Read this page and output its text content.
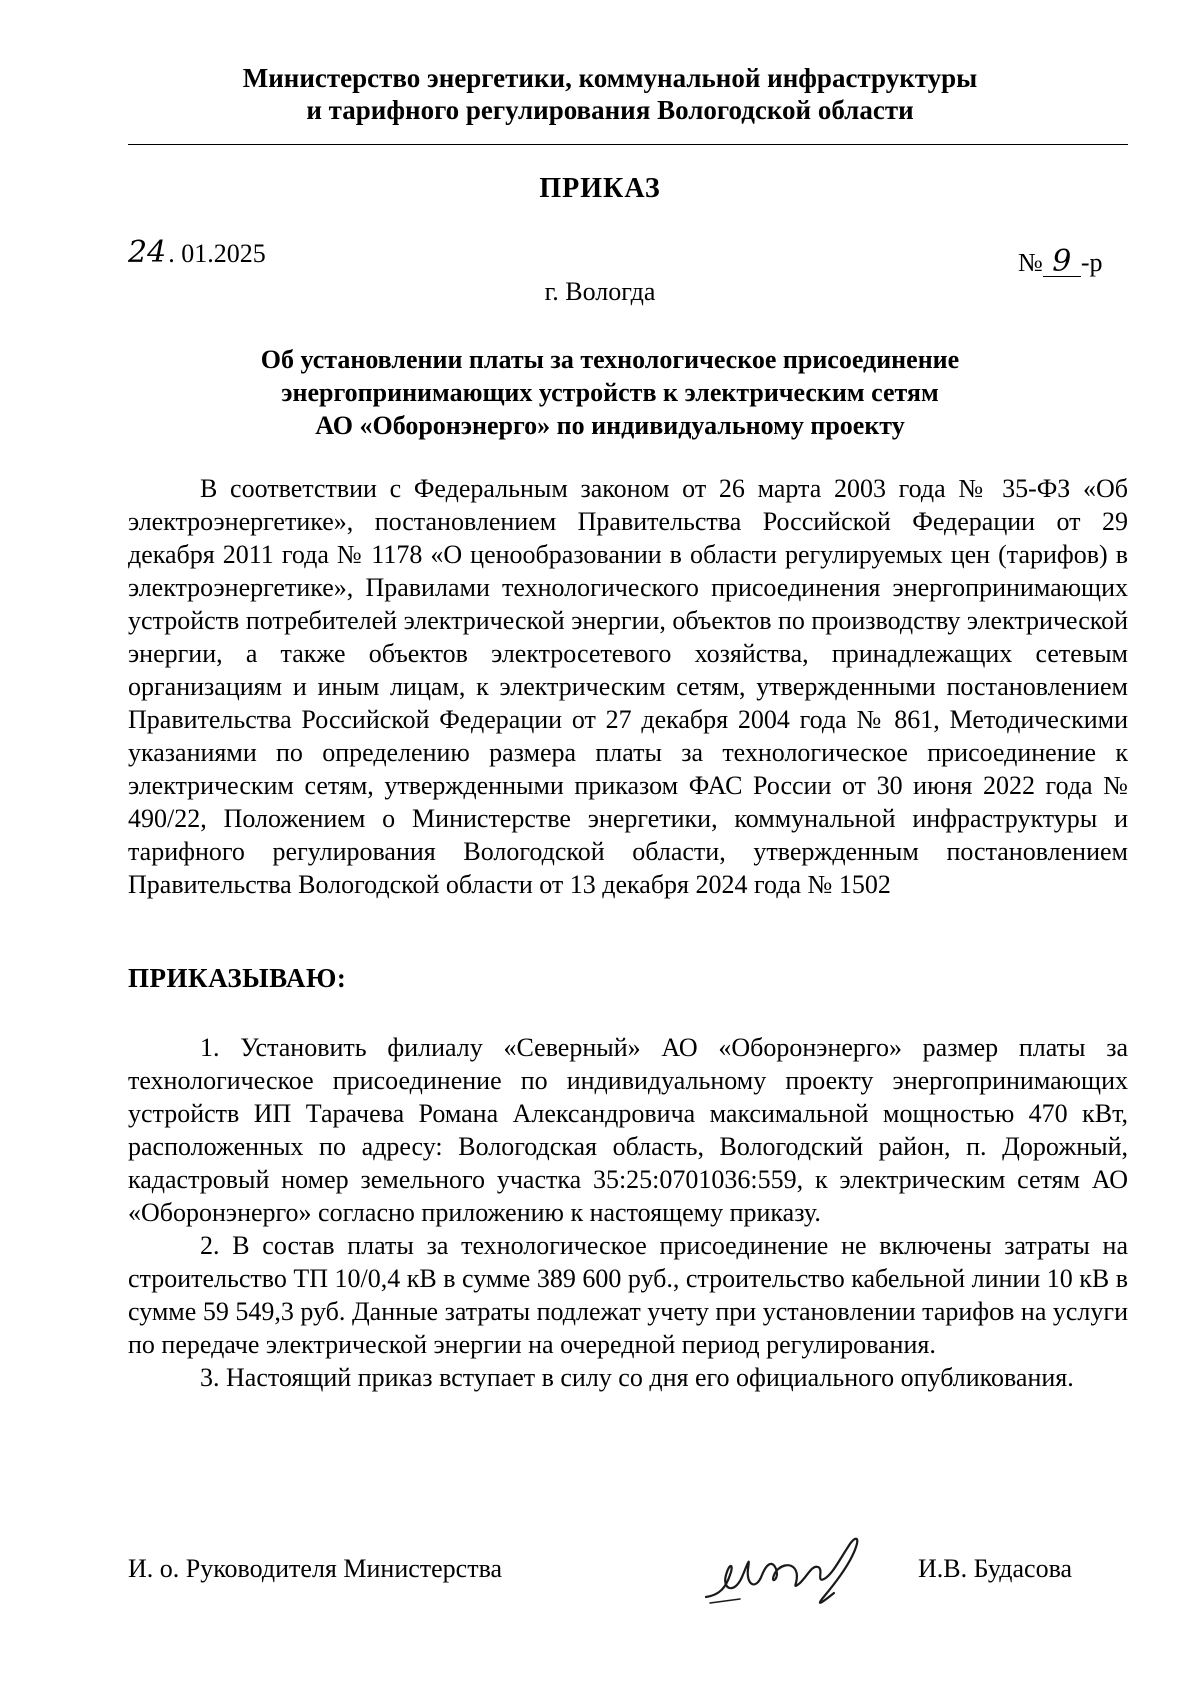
Министерство энергетики, коммунальной инфраструктуры
и тарифного регулирования Вологодской области
ПРИКАЗ
24. 01.2025	№ 9 -р
г. Вологда
Об установлении платы за технологическое присоединение
энергопринимающих устройств к электрическим сетям
АО «Оборонэнерго» по индивидуальному проекту

В соответствии с Федеральным законом от 26 марта 2003 года № 35-ФЗ «Об электроэнергетике», постановлением Правительства Российской Федерации от 29 декабря 2011 года № 1178 «О ценообразовании в области регулируемых цен (тарифов) в электроэнергетике», Правилами технологического присоединения энергопринимающих устройств потребителей электрической энергии, объектов по производству электрической энергии, а также объектов электросетевого хозяйства, принадлежащих сетевым организациям и иным лицам, к электрическим сетям, утвержденными постановлением Правительства Российской Федерации от 27 декабря 2004 года № 861, Методическими указаниями по определению размера платы за технологическое присоединение к электрическим сетям, утвержденными приказом ФАС России от 30 июня 2022 года № 490/22, Положением о Министерстве энергетики, коммунальной инфраструктуры и тарифного регулирования Вологодской области, утвержденным постановлением Правительства Вологодской области от 13 декабря 2024 года № 1502

ПРИКАЗЫВАЮ:

1. Установить филиалу «Северный» АО «Оборонэнерго» размер платы за технологическое присоединение по индивидуальному проекту энергопринимающих устройств ИП Тарачева Романа Александровича максимальной мощностью 470 кВт, расположенных по адресу: Вологодская область, Вологодский район, п. Дорожный, кадастровый номер земельного участка 35:25:0701036:559, к электрическим сетям АО «Оборонэнерго» согласно приложению к настоящему приказу.

2. В состав платы за технологическое присоединение не включены затраты на строительство ТП 10/0,4 кВ в сумме 389 600 руб., строительство кабельной линии 10 кВ в сумме 59 549,3 руб. Данные затраты подлежат учету при установлении тарифов на услуги по передаче электрической энергии на очередной период регулирования.

3. Настоящий приказ вступает в силу со дня его официального опубликования.

И. о. Руководителя Министерства	И.В. Будасова
